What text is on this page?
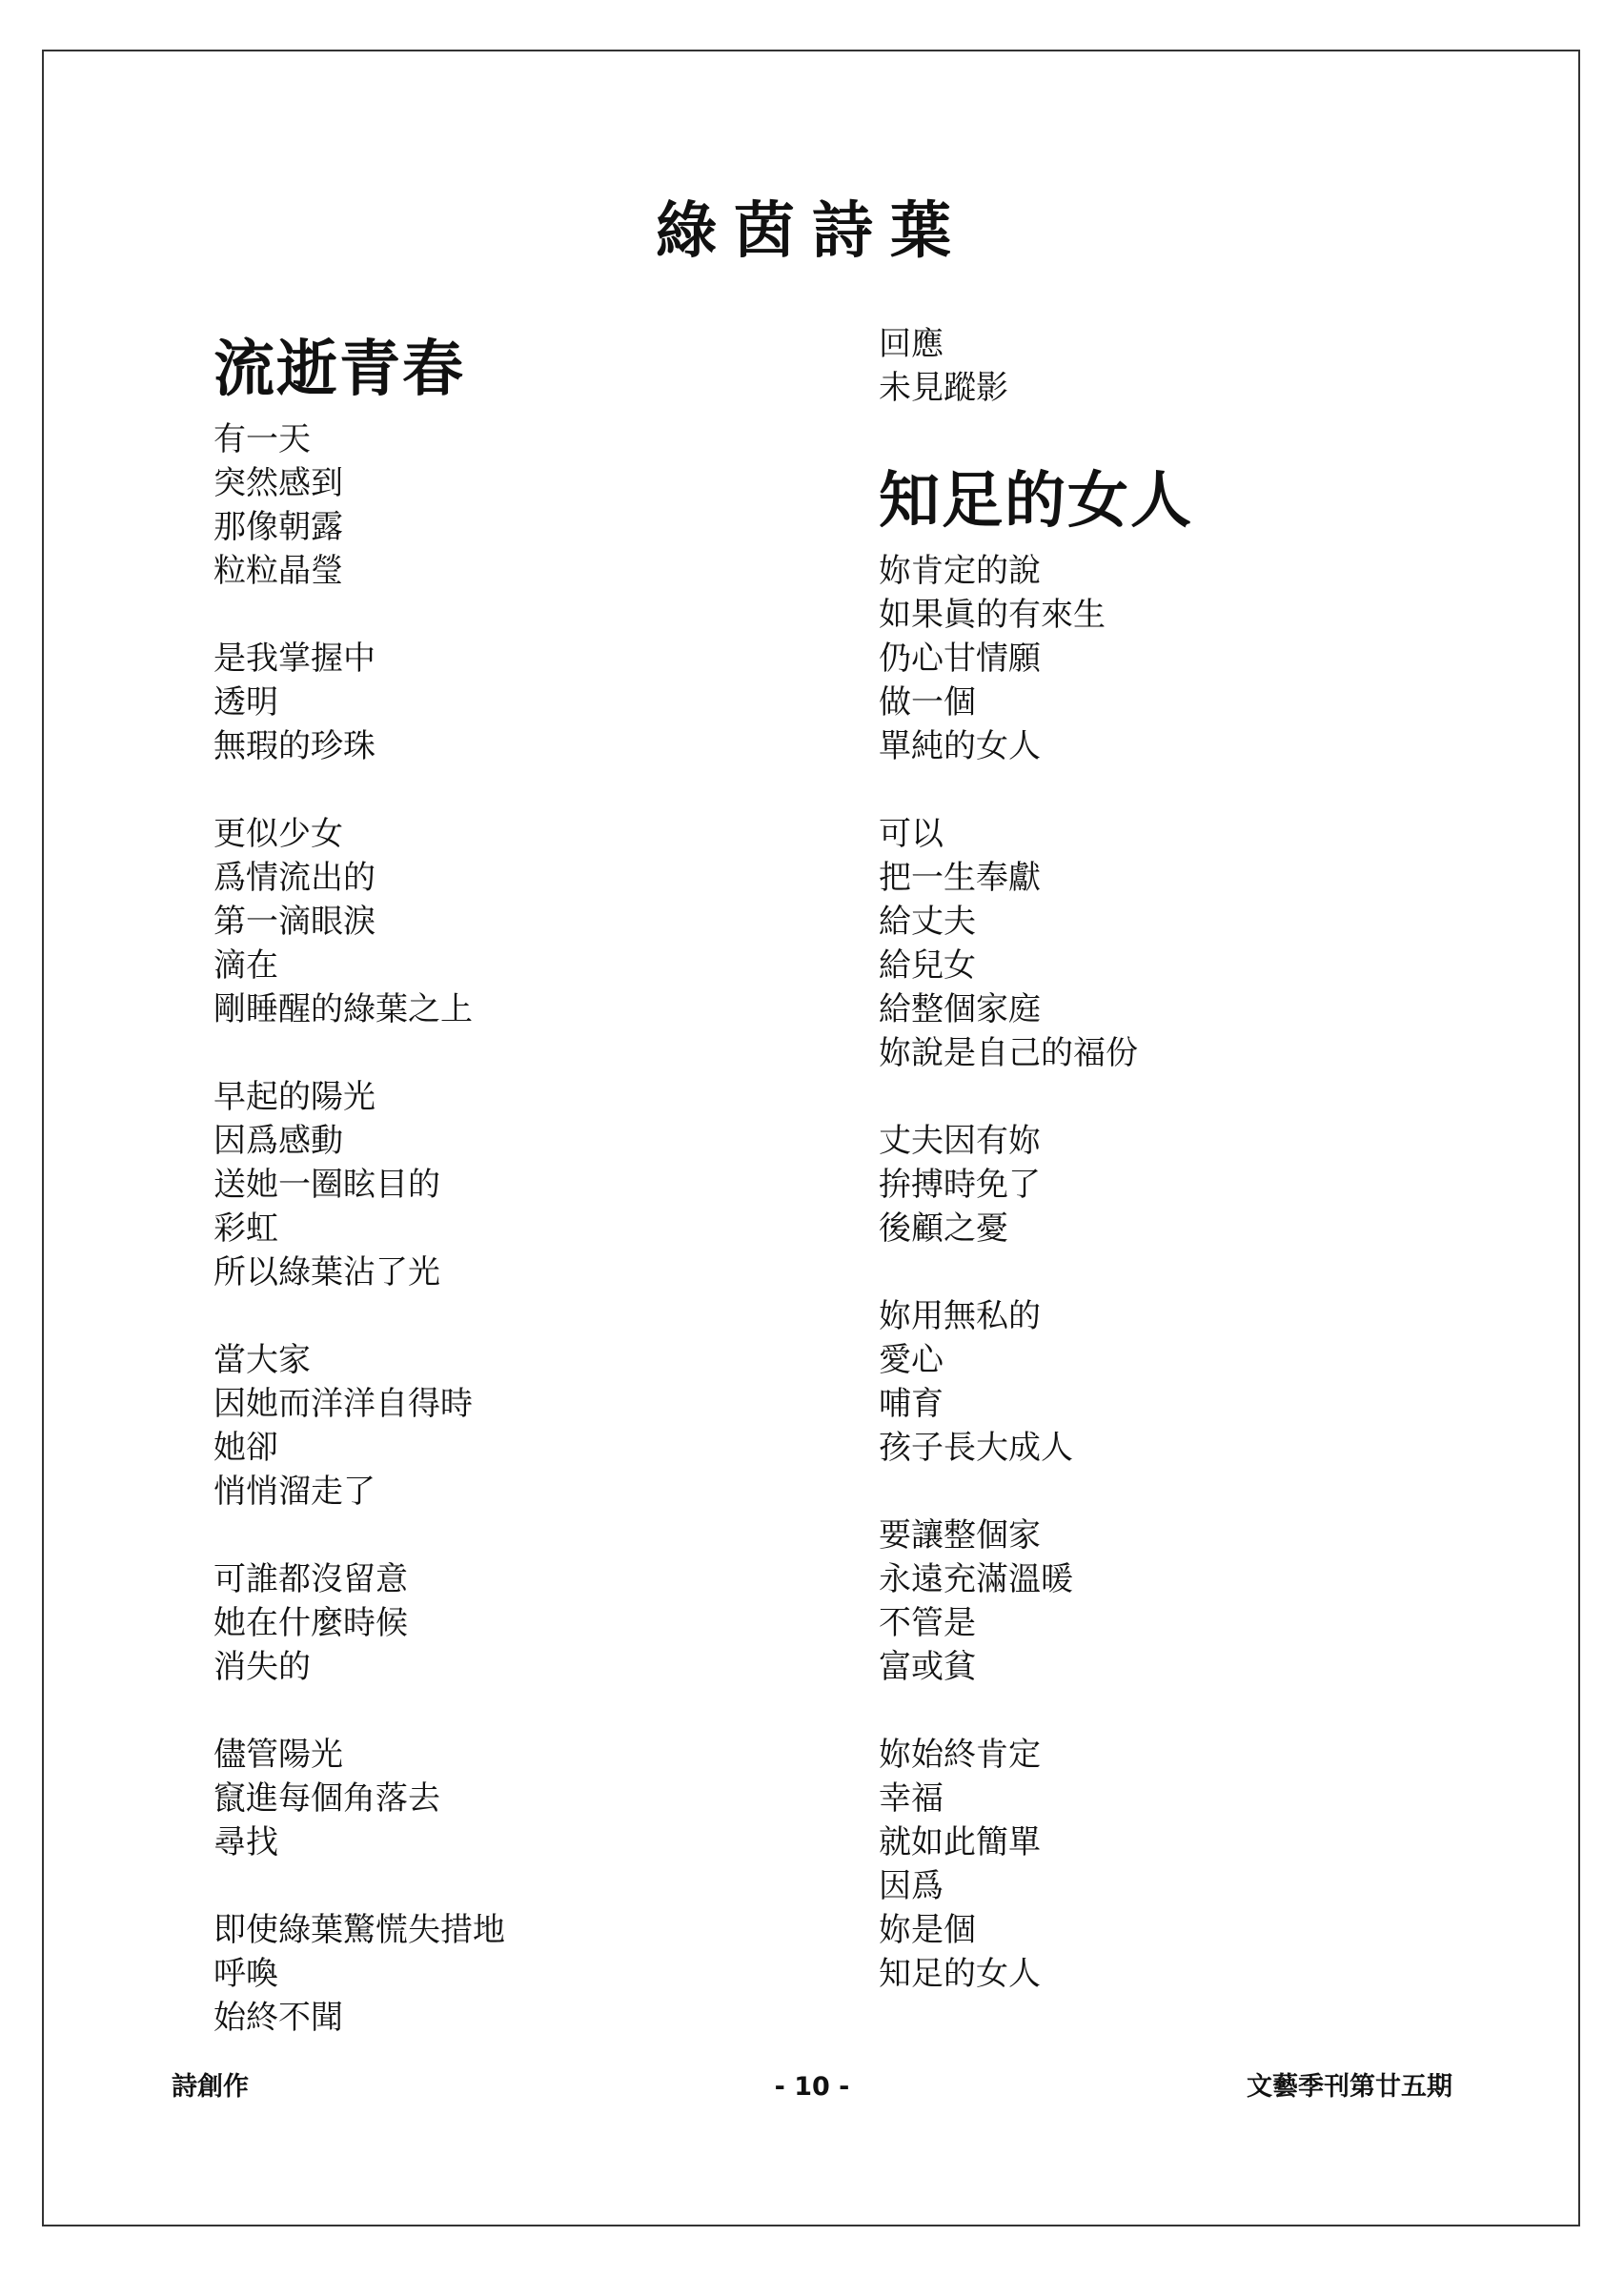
綠茵詩葉
流逝青春
有一天
突然感到
那像朝露
粒粒晶瑩
是我掌握中
透明
無瑕的珍珠
更似少女
爲情流出的
第一滴眼淚
滴在
剛睡醒的綠葉之上
早起的陽光
因爲感動
送她一圈眩目的
彩虹
所以綠葉沾了光
當大家
因她而洋洋自得時
她卻
悄悄溜走了
可誰都沒留意
她在什麼時候
消失的
儘管陽光
竄進每個角落去
尋找
即使綠葉驚慌失措地
呼喚
始終不聞
回應
未見蹤影
知足的女人
妳肯定的說
如果眞的有來生
仍心甘情願
做一個
單純的女人
可以
把一生奉獻
給丈夫
給兒女
給整個家庭
妳說是自己的福份
丈夫因有妳
拚搏時免了
後顧之憂
妳用無私的
愛心
哺育
孩子長大成人
要讓整個家
永遠充滿溫暖
不管是
富或貧
妳始終肯定
幸福
就如此簡單
因爲
妳是個
知足的女人
詩創作	- 10 -	文藝季刊第廿五期
